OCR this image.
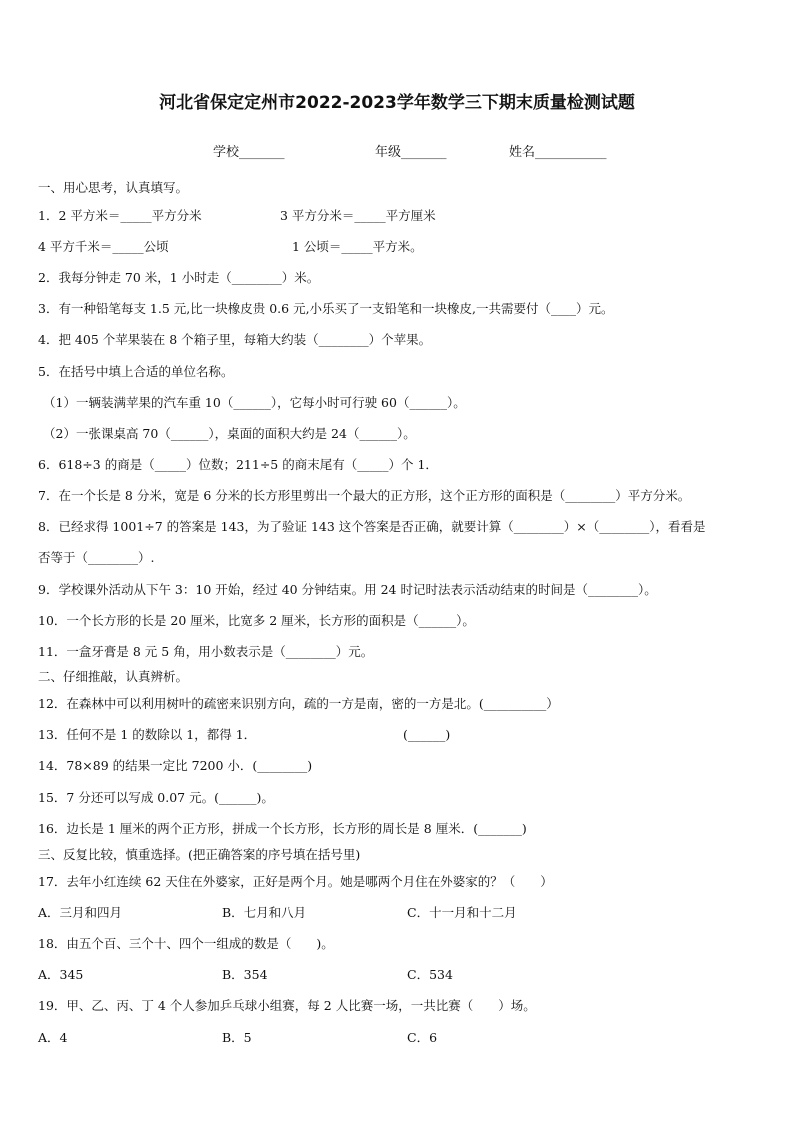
河北省保定定州市2022-2023学年数学三下期末质量检测试题
学校_______	年级_______	姓名___________
一、用心思考，认真填写。
1．2 平方米＝_____平方分米	3 平方分米＝_____平方厘米
4 平方千米＝_____公顷	1 公顷＝_____平方米。
2．我每分钟走 70 米，1 小时走（________）米。
3．有一种铅笔每支 1.5 元,比一块橡皮贵 0.6 元,小乐买了一支铅笔和一块橡皮,一共需要付（____）元。
4．把 405 个苹果装在 8 个箱子里，每箱大约装（________）个苹果。
5．在括号中填上合适的单位名称。
（1）一辆装满苹果的汽车重 10（______），它每小时可行驶 60（______）。
（2）一张课桌高 70（______），桌面的面积大约是 24（______）。
6．618÷3 的商是（_____）位数；211÷5 的商末尾有（_____）个 1．
7．在一个长是 8 分米，宽是 6 分米的长方形里剪出一个最大的正方形，这个正方形的面积是（________）平方分米。
8．已经求得 1001÷7 的答案是 143，为了验证 143 这个答案是否正确，就要计算（________）×（________），看看是
否等于（________）.
9．学校课外活动从下午 3：10 开始，经过 40 分钟结束。用 24 时记时法表示活动结束的时间是（________）。
10．一个长方形的长是 20 厘米，比宽多 2 厘米，长方形的面积是（______）。
11．一盒牙膏是 8 元 5 角，用小数表示是（________）元。
二、仔细推敲，认真辨析。
12．在森林中可以利用树叶的疏密来识别方向，疏的一方是南，密的一方是北。(__________）
13．任何不是 1 的数除以 1，都得 1．	(______)
14．78×89 的结果一定比 7200 小．(________)
15．7 分还可以写成 0.07 元。(______)。
16．边长是 1 厘米的两个正方形，拼成一个长方形，长方形的周长是 8 厘米．(_______)
三、反复比较，慎重选择。(把正确答案的序号填在括号里)
17．去年小红连续 62 天住在外婆家，正好是两个月。她是哪两个月住在外婆家的？（　　）
A．三月和四月	B．七月和八月	C．十一月和十二月
18．由五个百、三个十、四个一组成的数是（　　)。
A．345	B．354	C．534
19．甲、乙、丙、丁 4 个人参加乒乓球小组赛，每 2 人比赛一场，一共比赛（　　）场。
A．4	B．5	C．6
